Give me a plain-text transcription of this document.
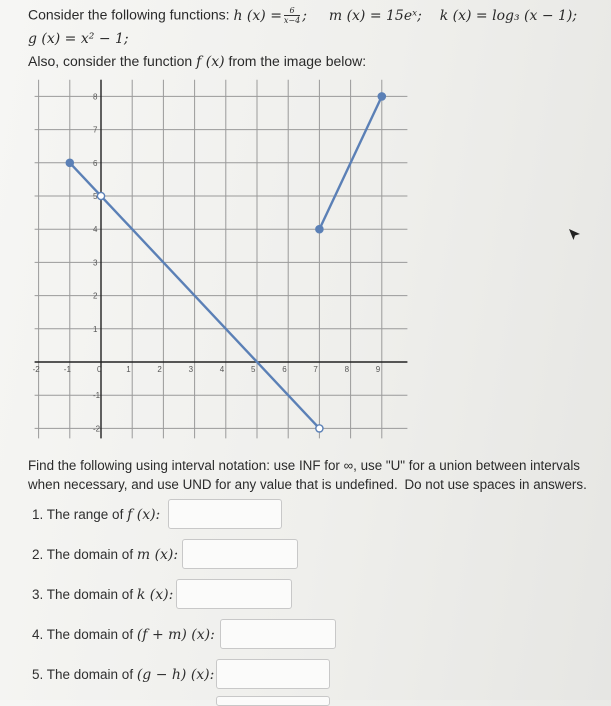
Consider the following functions: h $(x) = \frac{6}{x-4}$ ; m (x) = 15eˣ; k (x) = log₃ (x − 1);
g (x) = x² − 1;
Also, consider the function f (x) from the image below:
-2	-1	0	1	2	3	4	5	6	7	8	9
8
7
6
5
4
3
2
1
-1
-2
Find the following using interval notation: use INF for ∞, use "U" for a union between intervals when necessary, and use UND for any value that is undefined. Do not use spaces in answers.
1. The range of f (x):
2. The domain of m (x):
3. The domain of k (x):
4. The domain of (f + m) (x):
5. The domain of (g − h) (x):
